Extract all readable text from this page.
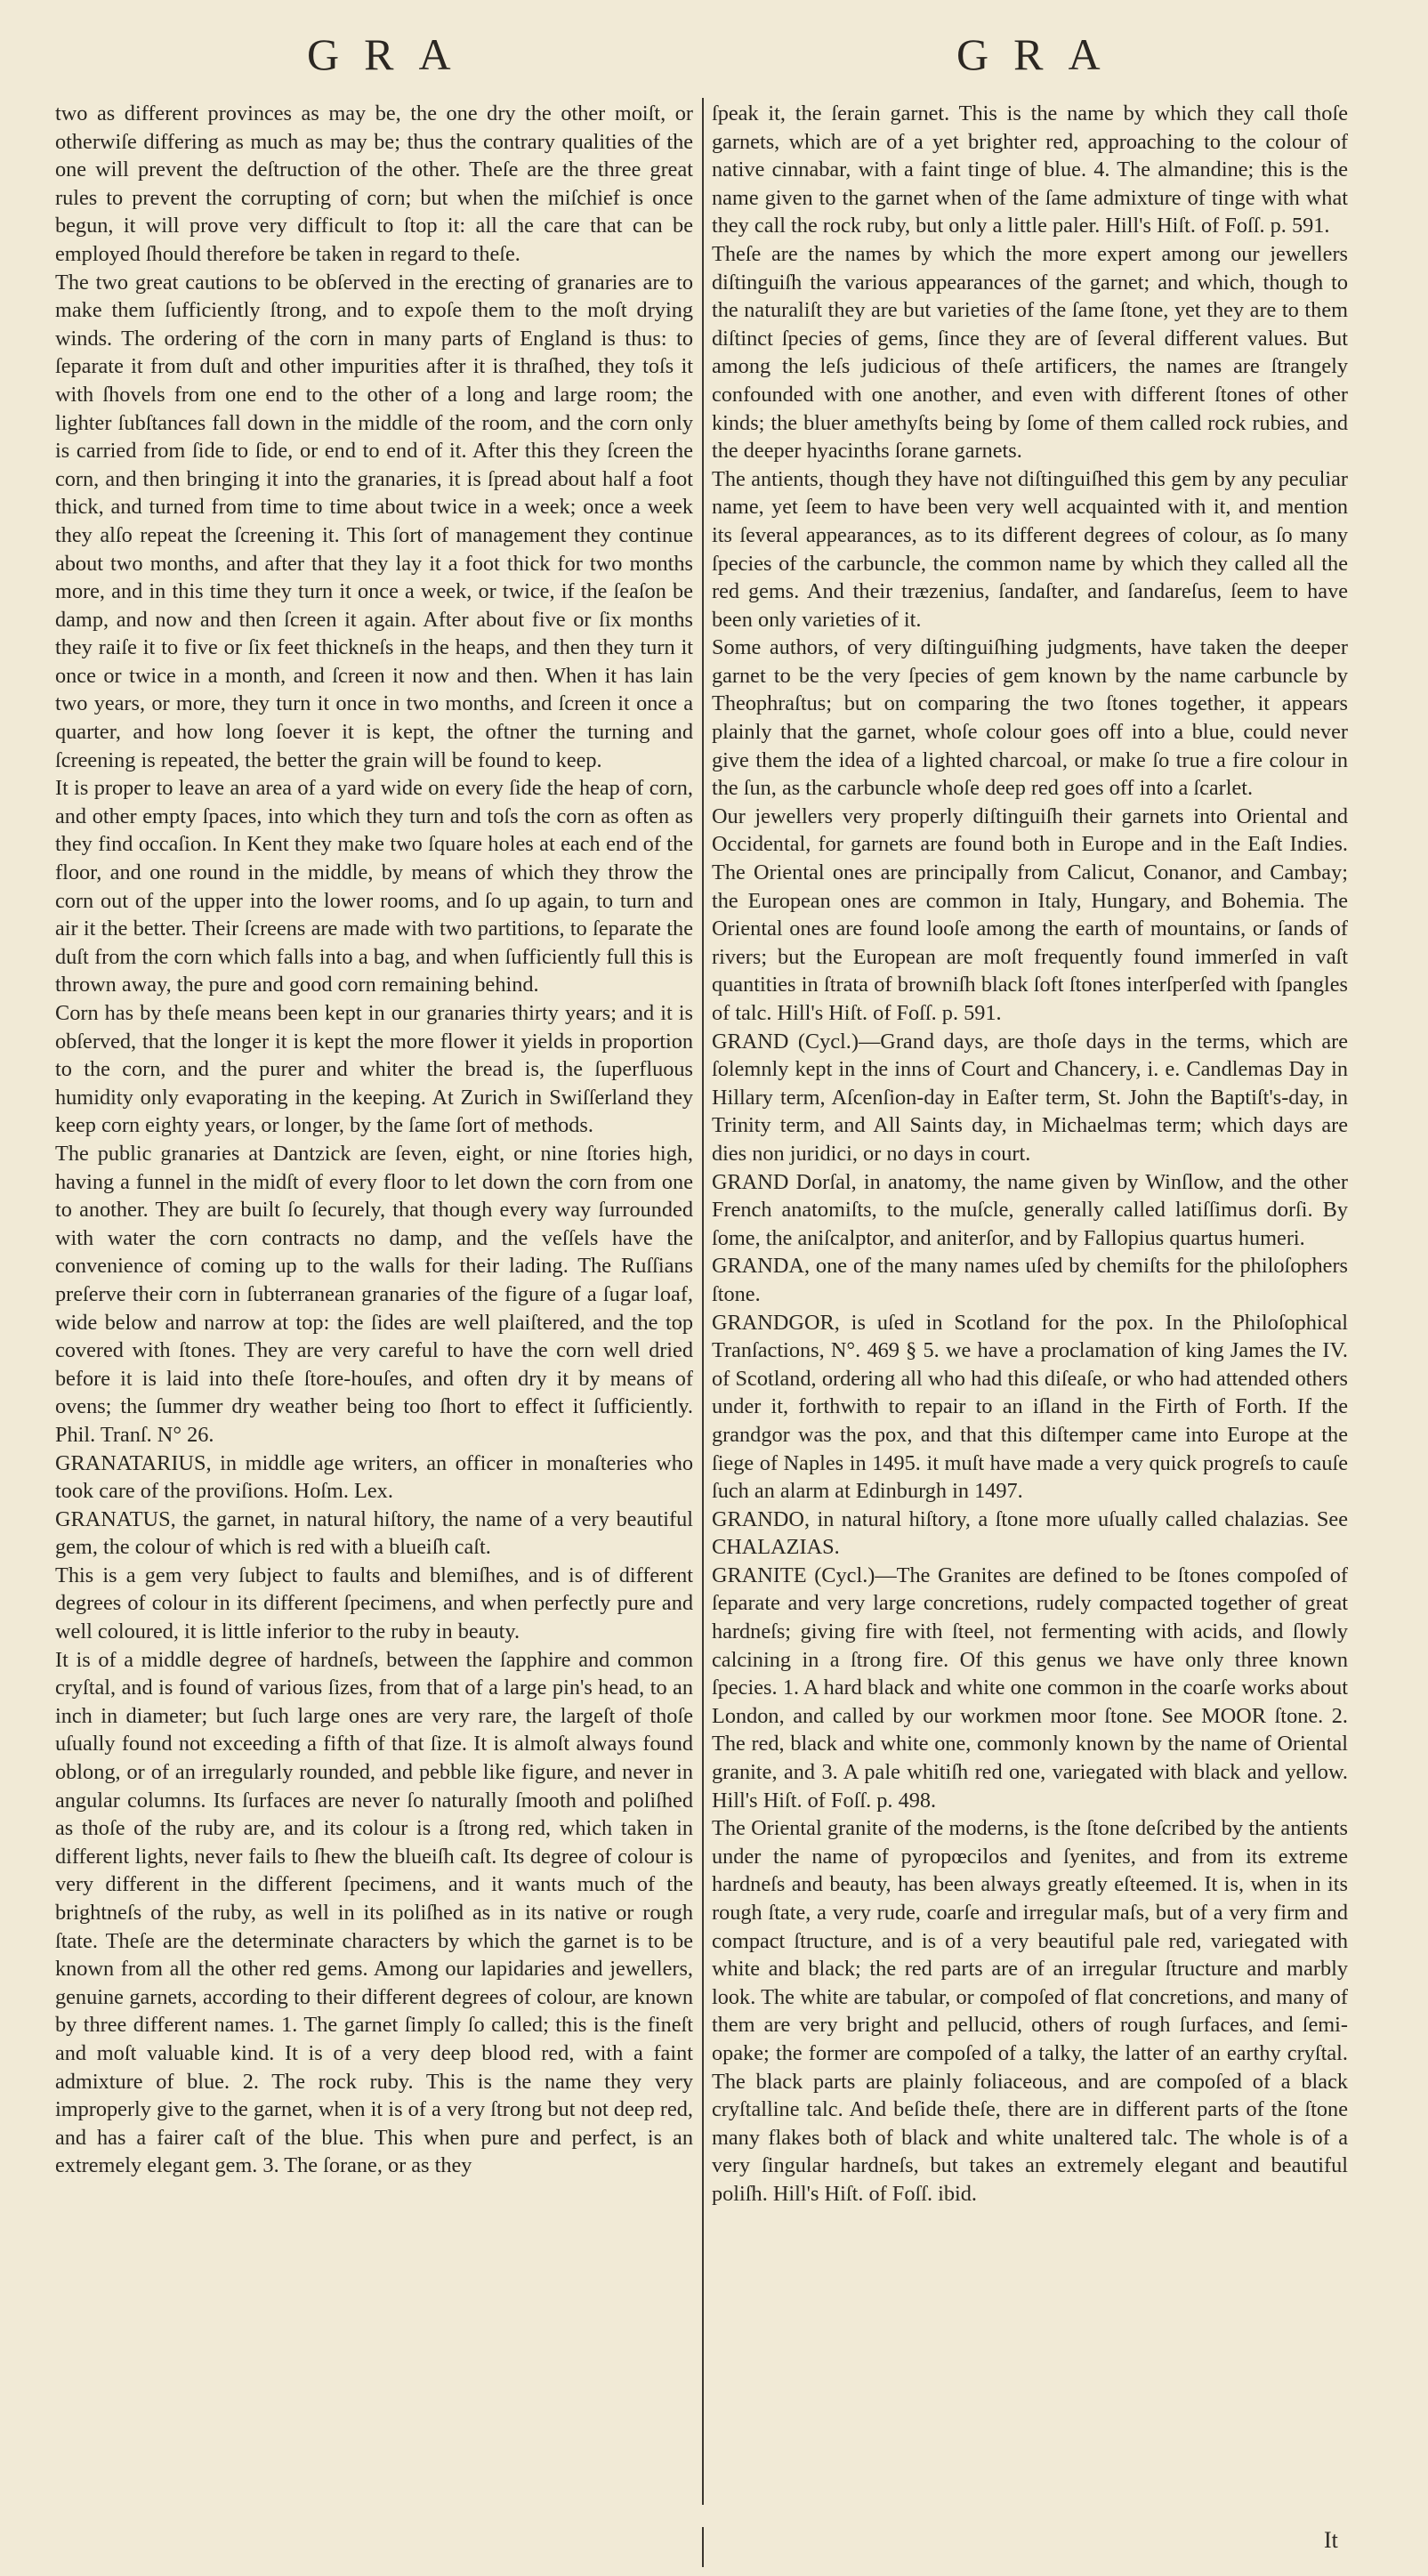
GRA	GRA

two as different provinces as may be, the one dry the other moiſt, or otherwiſe differing as much as may be; thus the contrary qualities of the one will prevent the deſtruction of the other. Theſe are the three great rules to prevent the corrupting of corn; but when the miſchief is once begun, it will prove very difficult to ſtop it: all the care that can be employed ſhould therefore be taken in regard to theſe.

The two great cautions to be obſerved in the erecting of granaries are to make them ſufficiently ſtrong, and to expoſe them to the moſt drying winds. The ordering of the corn in many parts of England is thus: to ſeparate it from duſt and other impurities after it is thraſhed, they toſs it with ſhovels from one end to the other of a long and large room; the lighter ſubſtances fall down in the middle of the room, and the corn only is carried from ſide to ſide, or end to end of it. After this they ſcreen the corn, and then bringing it into the granaries, it is ſpread about half a foot thick, and turned from time to time about twice in a week; once a week they alſo repeat the ſcreening it. This ſort of management they continue about two months, and after that they lay it a foot thick for two months more, and in this time they turn it once a week, or twice, if the ſeaſon be damp, and now and then ſcreen it again. After about five or ſix months they raiſe it to five or ſix feet thickneſs in the heaps, and then they turn it once or twice in a month, and ſcreen it now and then. When it has lain two years, or more, they turn it once in two months, and ſcreen it once a quarter, and how long ſoever it is kept, the oftner the turning and ſcreening is repeated, the better the grain will be found to keep.

It is proper to leave an area of a yard wide on every ſide the heap of corn, and other empty ſpaces, into which they turn and toſs the corn as often as they find occaſion. In Kent they make two ſquare holes at each end of the floor, and one round in the middle, by means of which they throw the corn out of the upper into the lower rooms, and ſo up again, to turn and air it the better. Their ſcreens are made with two partitions, to ſeparate the duſt from the corn which falls into a bag, and when ſufficiently full this is thrown away, the pure and good corn remaining behind.

Corn has by theſe means been kept in our granaries thirty years; and it is obſerved, that the longer it is kept the more flower it yields in proportion to the corn, and the purer and whiter the bread is, the ſuperfluous humidity only evaporating in the keeping. At Zurich in Swiſſerland they keep corn eighty years, or longer, by the ſame ſort of methods.

The public granaries at Dantzick are ſeven, eight, or nine ſtories high, having a funnel in the midſt of every floor to let down the corn from one to another. They are built ſo ſecurely, that though every way ſurrounded with water the corn contracts no damp, and the veſſels have the convenience of coming up to the walls for their lading. The Ruſſians preſerve their corn in ſubterranean granaries of the figure of a ſugar loaf, wide below and narrow at top: the ſides are well plaiſtered, and the top covered with ſtones. They are very careful to have the corn well dried before it is laid into theſe ſtore-houſes, and often dry it by means of ovens; the ſummer dry weather being too ſhort to effect it ſufficiently. Phil. Tranſ. N° 26.

GRANATARIUS, in middle age writers, an officer in monaſteries who took care of the proviſions. Hoſm. Lex.

GRANATUS, the garnet, in natural hiſtory, the name of a very beautiful gem, the colour of which is red with a blueiſh caſt.

This is a gem very ſubject to faults and blemiſhes, and is of different degrees of colour in its different ſpecimens, and when perfectly pure and well coloured, it is little inferior to the ruby in beauty.

It is of a middle degree of hardneſs, between the ſapphire and common cryſtal, and is found of various ſizes, from that of a large pin's head, to an inch in diameter; but ſuch large ones are very rare, the largeſt of thoſe uſually found not exceeding a fifth of that ſize. It is almoſt always found oblong, or of an irregularly rounded, and pebble like figure, and never in angular columns. Its ſurfaces are never ſo naturally ſmooth and poliſhed as thoſe of the ruby are, and its colour is a ſtrong red, which taken in different lights, never fails to ſhew the blueiſh caſt. Its degree of colour is very different in the different ſpecimens, and it wants much of the brightneſs of the ruby, as well in its poliſhed as in its native or rough ſtate. Theſe are the determinate characters by which the garnet is to be known from all the other red gems. Among our lapidaries and jewellers, genuine garnets, according to their different degrees of colour, are known by three different names. 1. The garnet ſimply ſo called; this is the fineſt and moſt valuable kind. It is of a very deep blood red, with a faint admixture of blue. 2. The rock ruby. This is the name they very improperly give to the garnet, when it is of a very ſtrong but not deep red, and has a fairer caſt of the blue. This when pure and perfect, is an extremely elegant gem. 3. The ſorane, or as they

ſpeak it, the ſerain garnet. This is the name by which they call thoſe garnets, which are of a yet brighter red, approaching to the colour of native cinnabar, with a faint tinge of blue. 4. The almandine; this is the name given to the garnet when of the ſame admixture of tinge with what they call the rock ruby, but only a little paler. Hill's Hiſt. of Foſſ. p. 591.

Theſe are the names by which the more expert among our jewellers diſtinguiſh the various appearances of the garnet; and which, though to the naturaliſt they are but varieties of the ſame ſtone, yet they are to them diſtinct ſpecies of gems, ſince they are of ſeveral different values. But among the leſs judicious of theſe artificers, the names are ſtrangely confounded with one another, and even with different ſtones of other kinds; the bluer amethyſts being by ſome of them called rock rubies, and the deeper hyacinths ſorane garnets.

The antients, though they have not diſtinguiſhed this gem by any peculiar name, yet ſeem to have been very well acquainted with it, and mention its ſeveral appearances, as to its different degrees of colour, as ſo many ſpecies of the carbuncle, the common name by which they called all the red gems. And their træzenius, ſandaſter, and ſandareſus, ſeem to have been only varieties of it.

Some authors, of very diſtinguiſhing judgments, have taken the deeper garnet to be the very ſpecies of gem known by the name carbuncle by Theophraſtus; but on comparing the two ſtones together, it appears plainly that the garnet, whoſe colour goes off into a blue, could never give them the idea of a lighted charcoal, or make ſo true a fire colour in the ſun, as the carbuncle whoſe deep red goes off into a ſcarlet.

Our jewellers very properly diſtinguiſh their garnets into Oriental and Occidental, for garnets are found both in Europe and in the Eaſt Indies. The Oriental ones are principally from Calicut, Conanor, and Cambay; the European ones are common in Italy, Hungary, and Bohemia. The Oriental ones are found looſe among the earth of mountains, or ſands of rivers; but the European are moſt frequently found immerſed in vaſt quantities in ſtrata of browniſh black ſoft ſtones interſperſed with ſpangles of talc. Hill's Hiſt. of Foſſ. p. 591.

GRAND (Cycl.)—Grand days, are thoſe days in the terms, which are ſolemnly kept in the inns of Court and Chancery, i. e. Candlemas Day in Hillary term, Aſcenſion-day in Eaſter term, St. John the Baptiſt's-day, in Trinity term, and All Saints day, in Michaelmas term; which days are dies non juridici, or no days in court.

GRAND Dorſal, in anatomy, the name given by Winſlow, and the other French anatomiſts, to the muſcle, generally called latiſſimus dorſi. By ſome, the aniſcalptor, and aniterſor, and by Fallopius quartus humeri.

GRANDA, one of the many names uſed by chemiſts for the philoſophers ſtone.

GRANDGOR, is uſed in Scotland for the pox. In the Philoſophical Tranſactions, N°. 469 § 5. we have a proclamation of king James the IV. of Scotland, ordering all who had this diſeaſe, or who had attended others under it, forthwith to repair to an iſland in the Firth of Forth. If the grandgor was the pox, and that this diſtemper came into Europe at the ſiege of Naples in 1495. it muſt have made a very quick progreſs to cauſe ſuch an alarm at Edinburgh in 1497.

GRANDO, in natural hiſtory, a ſtone more uſually called chalazias. See CHALAZIAS.

GRANITE (Cycl.)—The Granites are defined to be ſtones compoſed of ſeparate and very large concretions, rudely compacted together of great hardneſs; giving fire with ſteel, not fermenting with acids, and ſlowly calcining in a ſtrong fire. Of this genus we have only three known ſpecies. 1. A hard black and white one common in the coarſe works about London, and called by our workmen moor ſtone. See MOOR ſtone. 2. The red, black and white one, commonly known by the name of Oriental granite, and 3. A pale whitiſh red one, variegated with black and yellow. Hill's Hiſt. of Foſſ. p. 498.

The Oriental granite of the moderns, is the ſtone deſcribed by the antients under the name of pyropœcilos and ſyenites, and from its extreme hardneſs and beauty, has been always greatly eſteemed. It is, when in its rough ſtate, a very rude, coarſe and irregular maſs, but of a very firm and compact ſtructure, and is of a very beautiful pale red, variegated with white and black; the red parts are of an irregular ſtructure and marbly look. The white are tabular, or compoſed of flat concretions, and many of them are very bright and pellucid, others of rough ſurfaces, and ſemi-opake; the former are compoſed of a talky, the latter of an earthy cryſtal. The black parts are plainly foliaceous, and are compoſed of a black cryſtalline talc. And beſide theſe, there are in different parts of the ſtone many flakes both of black and white unaltered talc. The whole is of a very ſingular hardneſs, but takes an extremely elegant and beautiful poliſh. Hill's Hiſt. of Foſſ. ibid.

It
